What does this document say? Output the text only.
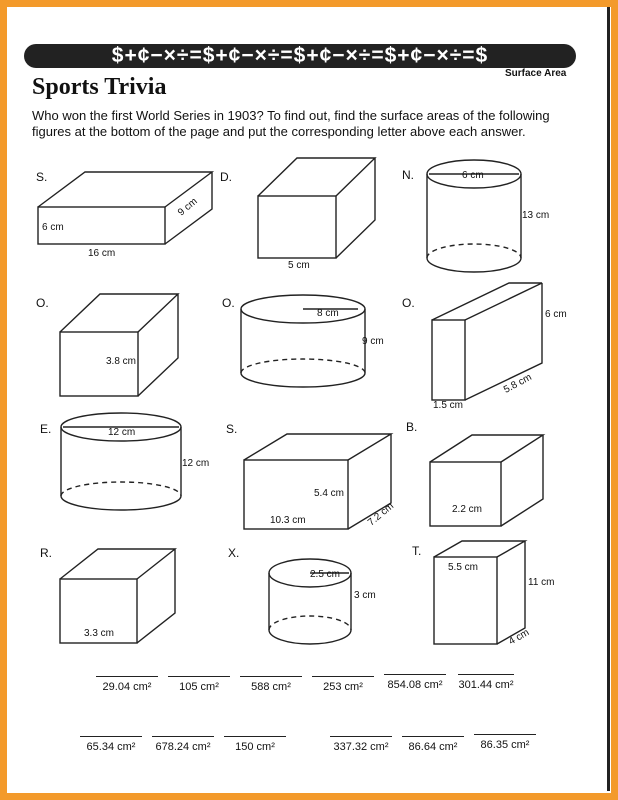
$+¢−×÷=$+¢−×÷=$+¢−×÷=$+¢−×÷=$
Surface Area
Sports Trivia
Who won the first World Series in 1903? To find out, find the surface areas of the following figures at the bottom of the page and put the corresponding letter above each answer.
S.	D.	N.
O.	O.	O.
E.	S.	B.
R.	X.	T.
6 cm
9 cm
16 cm
5 cm
6 cm
13 cm
3.8 cm
8 cm
9 cm
6 cm
5.8 cm
1.5 cm
12 cm
12 cm
5.4 cm
10.3 cm	7.2 cm	2.2 cm
3.3 cm
2.5 cm
3 cm
5.5 cm
11 cm
4 cm
29.04 cm²	105 cm²	588 cm²	253 cm²	854.08 cm²	301.44 cm²
65.34 cm²	678.24 cm²	150 cm²	337.32 cm²	86.64 cm²	86.35 cm²
